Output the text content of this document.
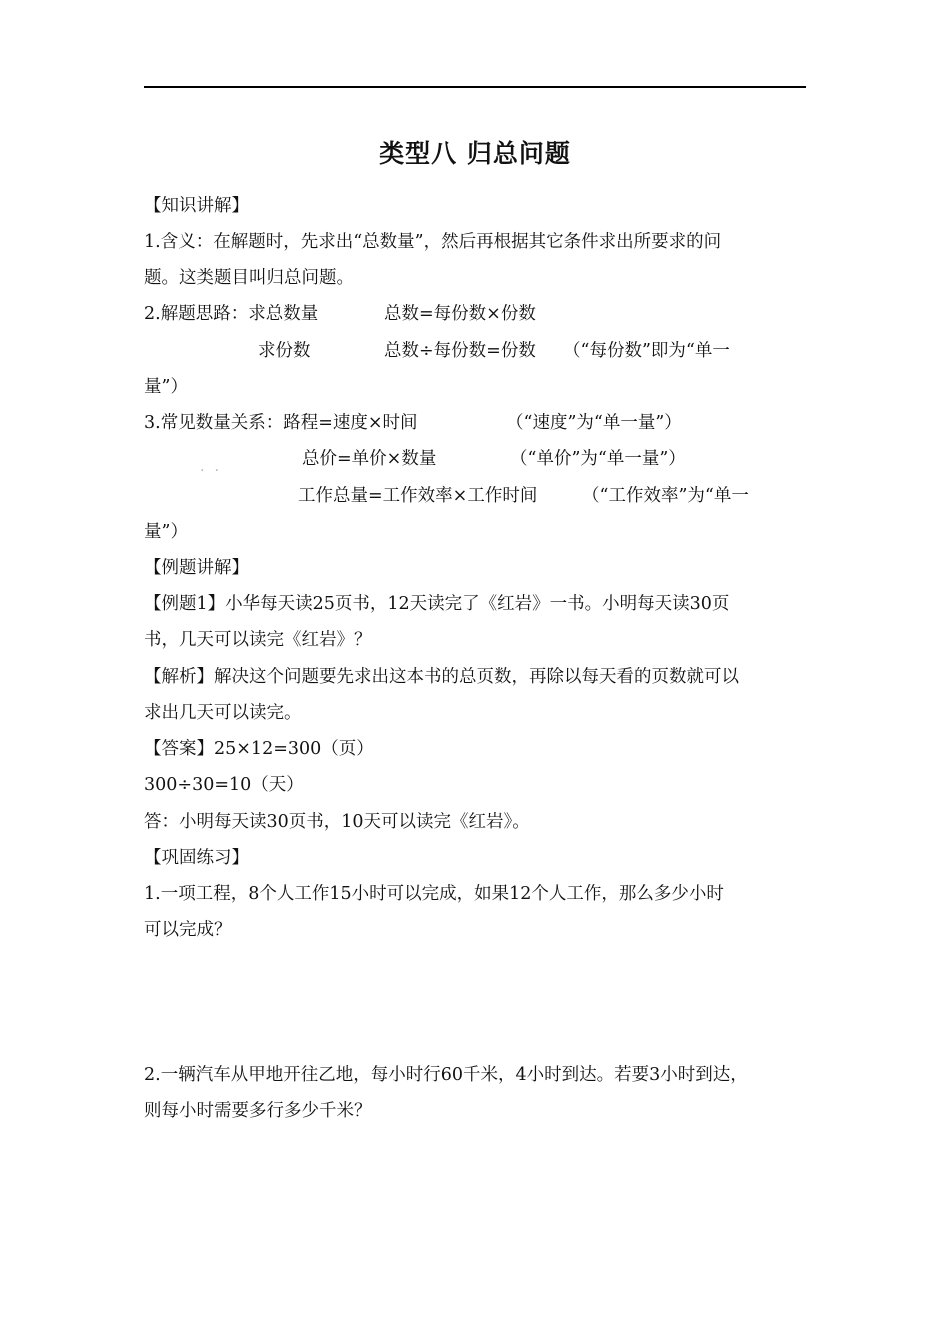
类型八 归总问题
【知识讲解】
1.含义：在解题时，先求出“总数量”，然后再根据其它条件求出所要求的问
题。这类题目叫归总问题。
2.解题思路：求总数量	总数=每份数×份数
求份数	总数÷每份数=份数 （“每份数”即为“单一
量”）
3.常见数量关系：路程=速度×时间	（“速度”为“单一量”）
..	总价=单价×数量	（“单价”为“单一量”）
工作总量=工作效率×工作时间	（“工作效率”为“单一
量”）
【例题讲解】
【例题1】小华每天读25页书，12天读完了《红岩》一书。小明每天读30页
书，几天可以读完《红岩》？
【解析】解决这个问题要先求出这本书的总页数，再除以每天看的页数就可以
求出几天可以读完。
【答案】25×12=300（页）
300÷30=10（天）
答：小明每天读30页书，10天可以读完《红岩》。
【巩固练习】
1.一项工程，8个人工作15小时可以完成，如果12个人工作，那么多少小时
可以完成？
2.一辆汽车从甲地开往乙地，每小时行60千米，4小时到达。若要3小时到达，
则每小时需要多行多少千米？
